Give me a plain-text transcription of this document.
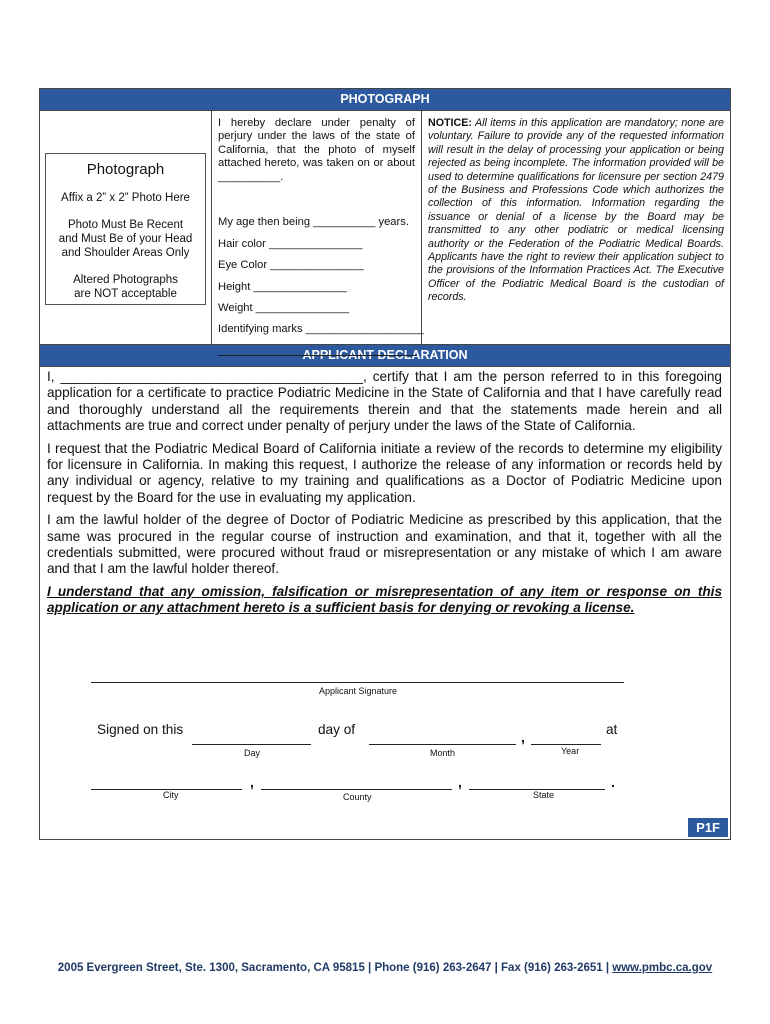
PHOTOGRAPH
Photograph
Affix a 2” x 2” Photo Here
Photo Must Be Recent
and Must Be of your Head
and Shoulder Areas Only
Altered Photographs
are NOT acceptable
I hereby declare under penalty of perjury under the laws of the state of California, that the photo of myself attached hereto, was taken on or about __________.
My age then being __________ years.
Hair color _______________
Eye Color _______________
Height _______________
Weight _______________
Identifying marks ___________________
NOTICE: All items in this application are mandatory; none are voluntary. Failure to provide any of the requested information will result in the delay of processing your application or being rejected as being incomplete. The information provided will be used to determine qualifications for licensure per section 2479 of the Business and Professions Code which authorizes the collection of this information. Information regarding the issuance or denial of a license by the Board may be transmitted to any other podiatric or medical licensing authority or the Federation of the Podiatric Medical Boards. Applicants have the right to review their application subject to the provisions of the Information Practices Act. The Executive Officer of the Podiatric Medical Board is the custodian of records.
APPLICANT DECLARATION

I, ________________________________________, certify that I am the person referred to in this foregoing application for a certificate to practice Podiatric Medicine in the State of California and that I have carefully read and thoroughly understand all the requirements therein and that the statements made herein and all attachments are true and correct under penalty of perjury under the laws of the State of California.

I request that the Podiatric Medical Board of California initiate a review of the records to determine my eligibility for licensure in California. In making this request, I authorize the release of any information or records held by any individual or agency, relative to my training and qualifications as a Doctor of Podiatric Medicine upon request by the Board for the use in evaluating my application.

I am the lawful holder of the degree of Doctor of Podiatric Medicine as prescribed by this application, that the same was procured in the regular course of instruction and examination, and that it, together with all the credentials submitted, were procured without fraud or misrepresentation or any mistake of which I am aware and that I am the lawful holder thereof.

I understand that any omission, falsification or misrepresentation of any item or response on this application or any attachment hereto is a sufficient basis for denying or revoking a license.

Applicant Signature
Signed on this
Day
day of
Month
,
Year
at
City
,
County
,
State
.
P1F
2005 Evergreen Street, Ste. 1300, Sacramento, CA 95815 | Phone (916) 263-2647 | Fax (916) 263-2651 | www.pmbc.ca.gov
